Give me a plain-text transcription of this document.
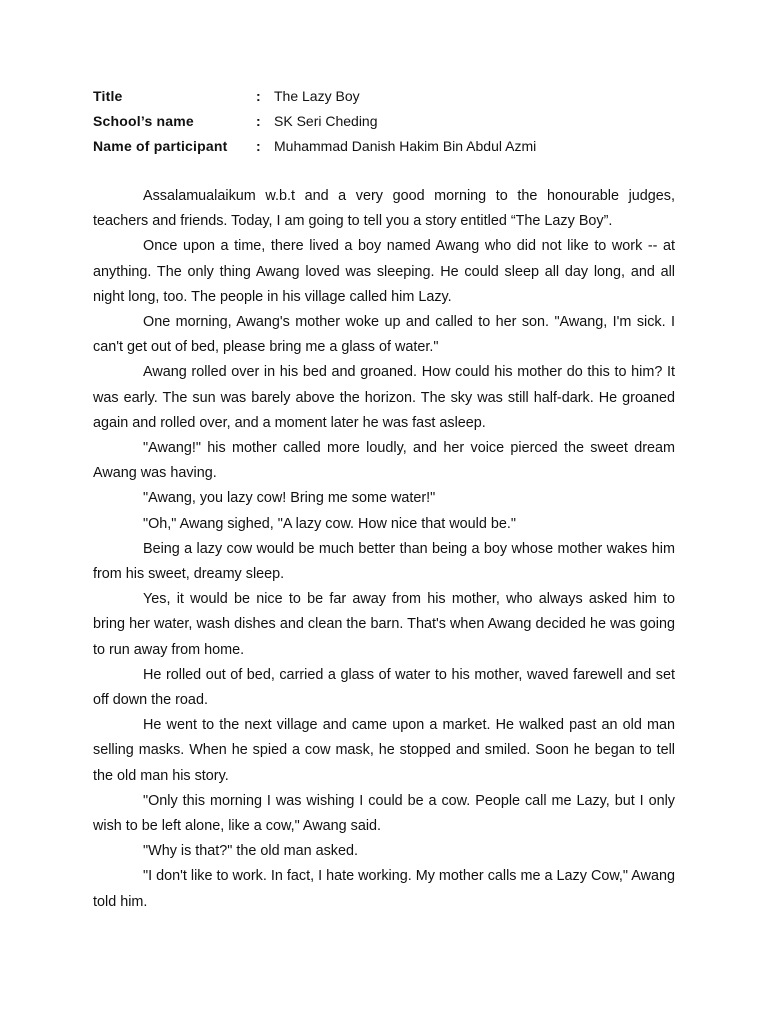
Title	: The Lazy Boy
School’s name	: SK Seri Cheding
Name of participant	: Muhammad Danish Hakim Bin Abdul Azmi

Assalamualaikum w.b.t and a very good morning to the honourable judges, teachers and friends. Today, I am going to tell you a story entitled “The Lazy Boy”.

Once upon a time, there lived a boy named Awang who did not like to work -- at anything. The only thing Awang loved was sleeping. He could sleep all day long, and all night long, too. The people in his village called him Lazy.

One morning, Awang's mother woke up and called to her son. "Awang, I'm sick. I can't get out of bed, please bring me a glass of water."

Awang rolled over in his bed and groaned. How could his mother do this to him? It was early. The sun was barely above the horizon. The sky was still half-dark. He groaned again and rolled over, and a moment later he was fast asleep.

"Awang!" his mother called more loudly, and her voice pierced the sweet dream Awang was having.

"Awang, you lazy cow! Bring me some water!"

"Oh," Awang sighed, "A lazy cow. How nice that would be."

Being a lazy cow would be much better than being a boy whose mother wakes him from his sweet, dreamy sleep.

Yes, it would be nice to be far away from his mother, who always asked him to bring her water, wash dishes and clean the barn. That's when Awang decided he was going to run away from home.

He rolled out of bed, carried a glass of water to his mother, waved farewell and set off down the road.

He went to the next village and came upon a market. He walked past an old man selling masks. When he spied a cow mask, he stopped and smiled. Soon he began to tell the old man his story.

"Only this morning I was wishing I could be a cow. People call me Lazy, but I only wish to be left alone, like a cow," Awang said.

"Why is that?" the old man asked.

"I don't like to work. In fact, I hate working. My mother calls me a Lazy Cow," Awang told him.
